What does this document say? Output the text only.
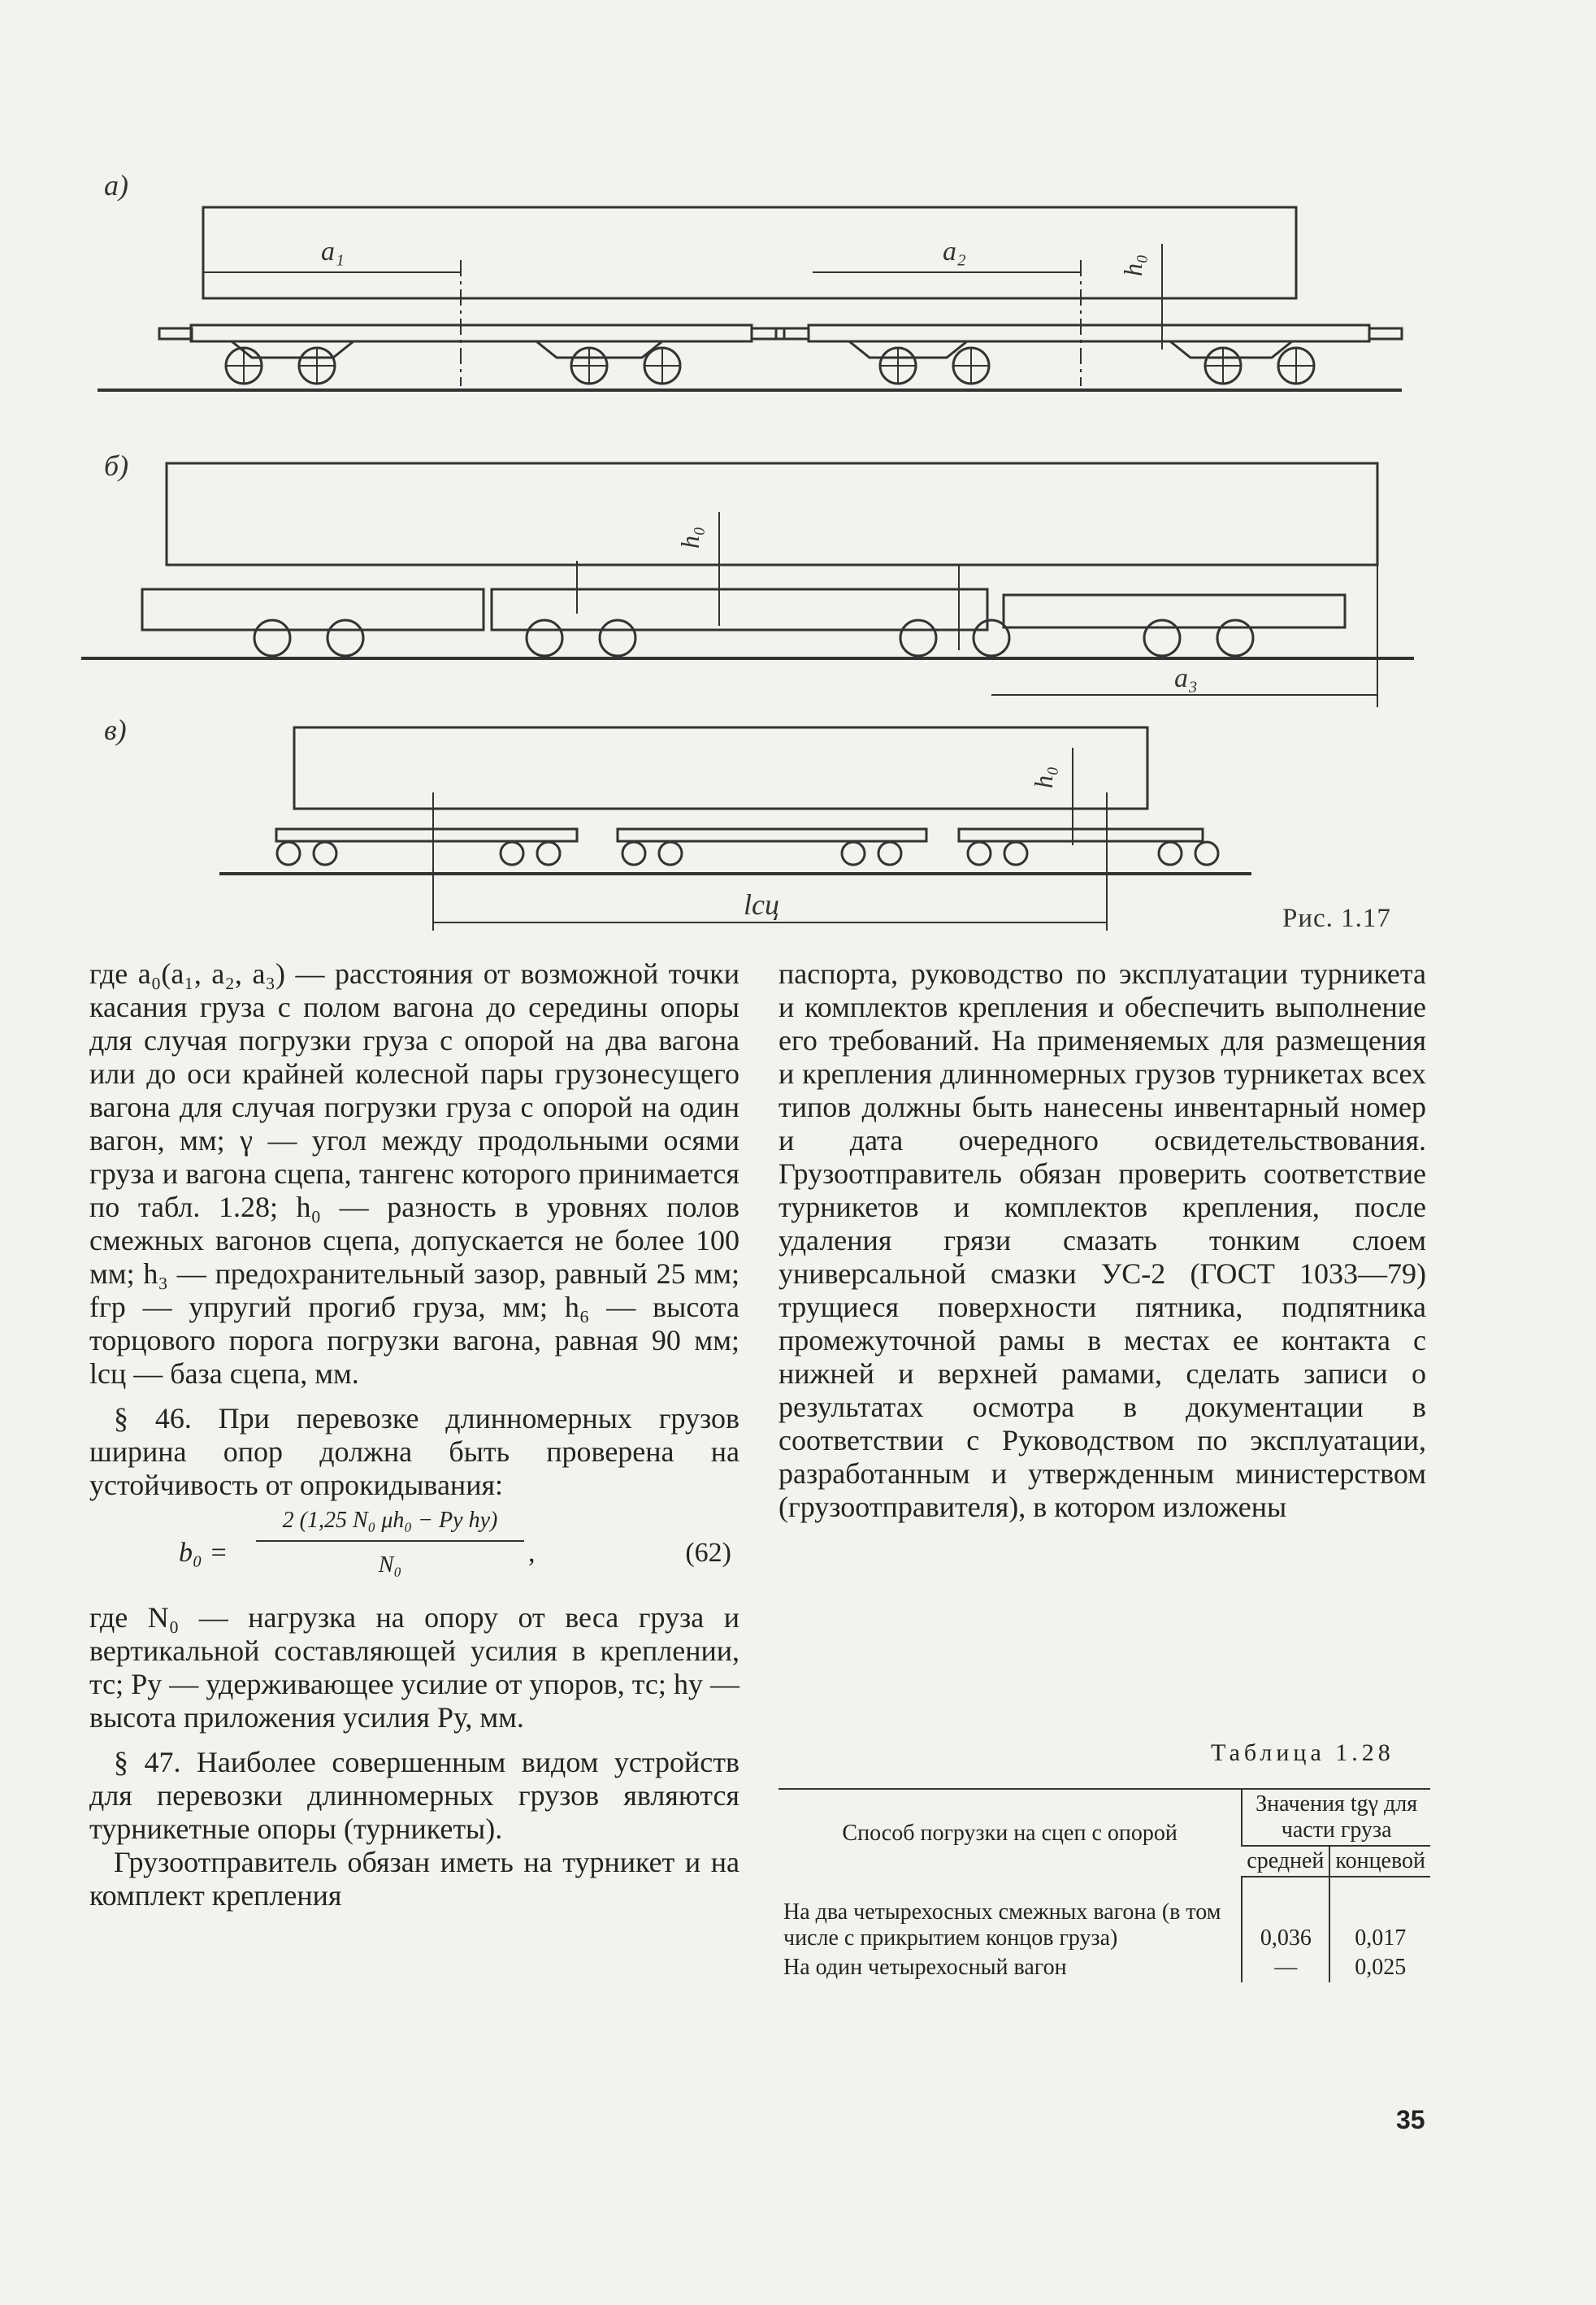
а)
a₁	a₂	h₀
б)
h₀
a₃
в)
h₀
lсц	Рис. 1.17

где a₀(a₁, a₂, a₃) — расстояния от возможной точки касания груза с полом вагона до середины опоры для случая погрузки груза с опорой на два вагона или до оси крайней колесной пары грузонесущего вагона для случая погрузки груза с опорой на один вагон, мм; γ — угол между продольными осями груза и вагона сцепа, тангенс которого принимается по табл. 1.28; h₀ — разность в уровнях полов смежных вагонов сцепа, допускается не более 100 мм; h₃ — предохранительный зазор, равный 25 мм; fгр — упругий прогиб груза, мм; h₆ — высота торцового порога погрузки вагона, равная 90 мм; lсц — база сцепа, мм.

§ 46. При перевозке длинномерных грузов ширина опор должна быть проверена на устойчивость от опрокидывания:

b₀ =
2 (1,25 N₀ μh₀ − Pу hу)
N₀	,	(62)

где N₀ — нагрузка на опору от веса груза и вертикальной составляющей усилия в креплении, тс; Pу — удерживающее усилие от упоров, тс; hу — высота приложения усилия Pу, мм.

§ 47. Наиболее совершенным видом устройств для перевозки длинномерных грузов являются турникетные опоры (турникеты).

Грузоотправитель обязан иметь на турникет и на комплект крепления

паспорта, руководство по эксплуатации турникета и комплектов крепления и обеспечить выполнение его требований. На применяемых для размещения и крепления длинномерных грузов турникетах всех типов должны быть нанесены инвентарный номер и дата очередного освидетельствования. Грузоотправитель обязан проверить соответствие турникетов и комплектов крепления, после удаления грязи смазать тонким слоем универсальной смазки УС-2 (ГОСТ 1033—79) трущиеся поверхности пятника, подпятника промежуточной рамы в местах ее контакта с нижней и верхней рамами, сделать записи о результатах осмотра в документации в соответствии с Руководством по эксплуатации, разработанным и утвержденным министерством (грузоотправителя), в котором изложены

Таблица 1.28
Способ погрузки на сцеп с опорой	Значения tgγ для части груза	
	средней	концевой
На два четырехосных смежных вагона (в том числе с прикрытием концов груза)	0,036	0,017
На один четырехосный вагон	—	0,025
35
